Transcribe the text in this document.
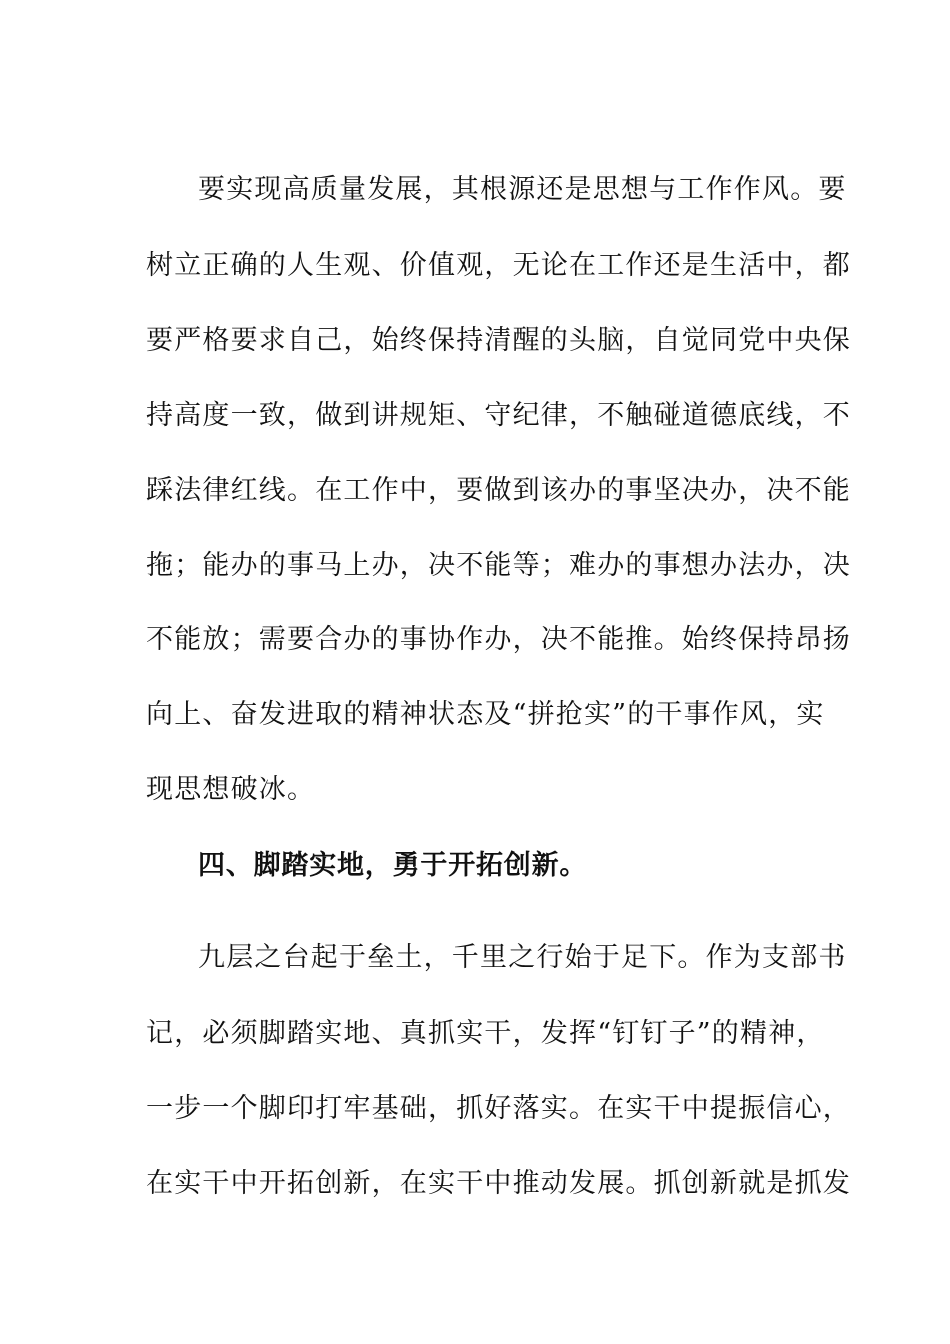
要实现高质量发展，其根源还是思想与工作作风。要
树立正确的人生观、价值观，无论在工作还是生活中，都
要严格要求自己，始终保持清醒的头脑，自觉同党中央保
持高度一致，做到讲规矩、守纪律，不触碰道德底线，不
踩法律红线。在工作中，要做到该办的事坚决办，决不能
拖；能办的事马上办，决不能等；难办的事想办法办，决
不能放；需要合办的事协作办，决不能推。始终保持昂扬
向上、奋发进取的精神状态及“拼抢实”的干事作风，实
现思想破冰。
四、脚踏实地，勇于开拓创新。
九层之台起于垒土，千里之行始于足下。作为支部书
记，必须脚踏实地、真抓实干，发挥“钉钉子”的精神，
一步一个脚印打牢基础，抓好落实。在实干中提振信心，
在实干中开拓创新，在实干中推动发展。抓创新就是抓发
